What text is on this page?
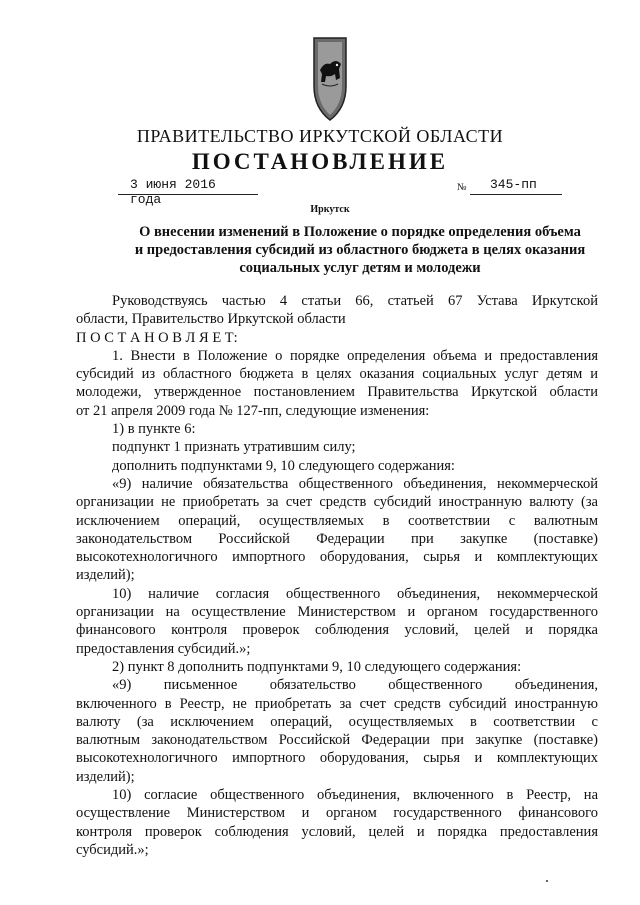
ПРАВИТЕЛЬСТВО ИРКУТСКОЙ ОБЛАСТИ
ПОСТАНОВЛЕНИЕ
3 июня 2016 года
№ 345-пп
Иркутск
О внесении изменений в Положение о порядке определения объема
и предоставления субсидий из областного бюджета в целях оказания
социальных услуг детям и молодежи
Руководствуясь частью 4 статьи 66, статьей 67 Устава Иркутской
области, Правительство Иркутской области
П О С Т А Н О В Л Я Е Т:
1. Внести в Положение о порядке определения объема и предоставления
субсидий из областного бюджета в целях оказания социальных услуг детям и
молодежи, утвержденное постановлением Правительства Иркутской области
от 21 апреля 2009 года № 127-пп, следующие изменения:
1) в пункте 6:
подпункт 1 признать утратившим силу;
дополнить подпунктами 9, 10 следующего содержания:
«9) наличие обязательства общественного объединения, некоммерческой
организации не приобретать за счет средств субсидий иностранную валюту (за
исключением операций, осуществляемых в соответствии с валютным
законодательством Российской Федерации при закупке (поставке)
высокотехнологичного импортного оборудования, сырья и комплектующих
изделий);
10) наличие согласия общественного объединения, некоммерческой
организации на осуществление Министерством и органом государственного
финансового контроля проверок соблюдения условий, целей и порядка
предоставления субсидий.»;
2) пункт 8 дополнить подпунктами 9, 10 следующего содержания:
«9) письменное обязательство общественного объединения,
включенного в Реестр, не приобретать за счет средств субсидий иностранную
валюту (за исключением операций, осуществляемых в соответствии с
валютным законодательством Российской Федерации при закупке (поставке)
высокотехнологичного импортного оборудования, сырья и комплектующих
изделий);
10) согласие общественного объединения, включенного в Реестр, на
осуществление Министерством и органом государственного финансового
контроля проверок соблюдения условий, целей и порядка предоставления
субсидий.»;
